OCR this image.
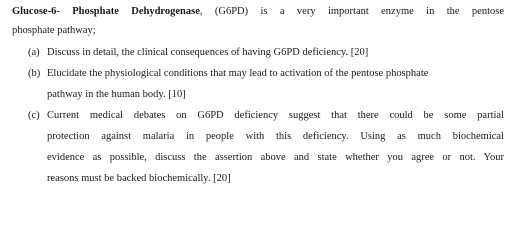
Glucose-6- Phosphate Dehydrogenase, (G6PD) is a very important enzyme in the pentose
phosphate pathway;
(a) Discuss in detail, the clinical consequences of having G6PD deficiency. [20]
(b) Elucidate the physiological conditions that may lead to activation of the pentose phosphate
pathway in the human body. [10]
(c) Current medical debates on G6PD deficiency suggest that there could be some partial
protection against malaria in people with this deficiency. Using as much biochemical
evidence as possible, discuss the assertion above and state whether you agree or not. Your
reasons must be backed biochemically. [20]
